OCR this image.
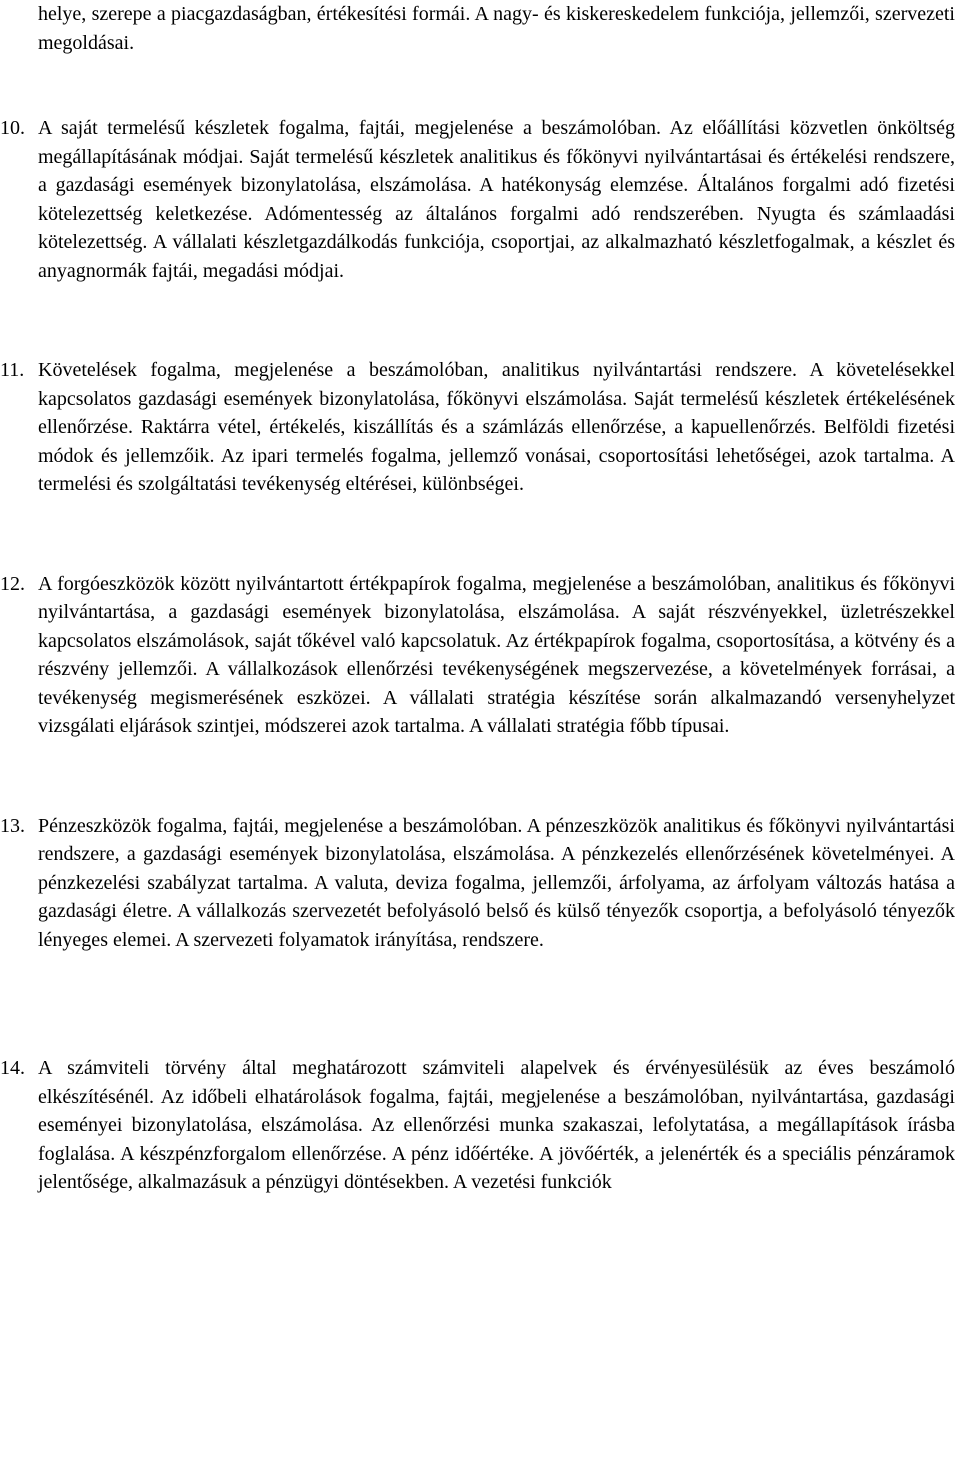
helye, szerepe a piacgazdaságban, értékesítési formái. A nagy- és kiskereskedelem funkciója, jellemzői, szervezeti megoldásai.

10. A saját termelésű készletek fogalma, fajtái, megjelenése a beszámolóban. Az előállítási közvetlen önköltség megállapításának módjai. Saját termelésű készletek analitikus és főkönyvi nyilvántartásai és értékelési rendszere, a gazdasági események bizonylatolása, elszámolása. A hatékonyság elemzése. Általános forgalmi adó fizetési kötelezettség keletkezése. Adómentesség az általános forgalmi adó rendszerében. Nyugta és számlaadási kötelezettség. A vállalati készletgazdálkodás funkciója, csoportjai, az alkalmazható készletfogalmak, a készlet és anyagnormák fajtái, megadási módjai.

11. Követelések fogalma, megjelenése a beszámolóban, analitikus nyilvántartási rendszere. A követelésekkel kapcsolatos gazdasági események bizonylatolása, főkönyvi elszámolása. Saját termelésű készletek értékelésének ellenőrzése. Raktárra vétel, értékelés, kiszállítás és a számlázás ellenőrzése, a kapuellenőrzés. Belföldi fizetési módok és jellemzőik. Az ipari termelés fogalma, jellemző vonásai, csoportosítási lehetőségei, azok tartalma. A termelési és szolgáltatási tevékenység eltérései, különbségei.

12. A forgóeszközök között nyilvántartott értékpapírok fogalma, megjelenése a beszámolóban, analitikus és főkönyvi nyilvántartása, a gazdasági események bizonylatolása, elszámolása. A saját részvényekkel, üzletrészekkel kapcsolatos elszámolások, saját tőkével való kapcsolatuk. Az értékpapírok fogalma, csoportosítása, a kötvény és a részvény jellemzői. A vállalkozások ellenőrzési tevékenységének megszervezése, a követelmények forrásai, a tevékenység megismerésének eszközei. A vállalati stratégia készítése során alkalmazandó versenyhelyzet vizsgálati eljárások szintjei, módszerei azok tartalma. A vállalati stratégia főbb típusai.

13. Pénzeszközök fogalma, fajtái, megjelenése a beszámolóban. A pénzeszközök analitikus és főkönyvi nyilvántartási rendszere, a gazdasági események bizonylatolása, elszámolása. A pénzkezelés ellenőrzésének követelményei. A pénzkezelési szabályzat tartalma. A valuta, deviza fogalma, jellemzői, árfolyama, az árfolyam változás hatása a gazdasági életre. A vállalkozás szervezetét befolyásoló belső és külső tényezők csoportja, a befolyásoló tényezők lényeges elemei. A szervezeti folyamatok irányítása, rendszere.

14. A számviteli törvény által meghatározott számviteli alapelvek és érvényesülésük az éves beszámoló elkészítésénél. Az időbeli elhatárolások fogalma, fajtái, megjelenése a beszámolóban, nyilvántartása, gazdasági eseményei bizonylatolása, elszámolása. Az ellenőrzési munka szakaszai, lefolytatása, a megállapítások írásba foglalása. A készpénzforgalom ellenőrzése. A pénz időértéke. A jövőérték, a jelenérték és a speciális pénzáramok jelentősége, alkalmazásuk a pénzügyi döntésekben. A vezetési funkciók
